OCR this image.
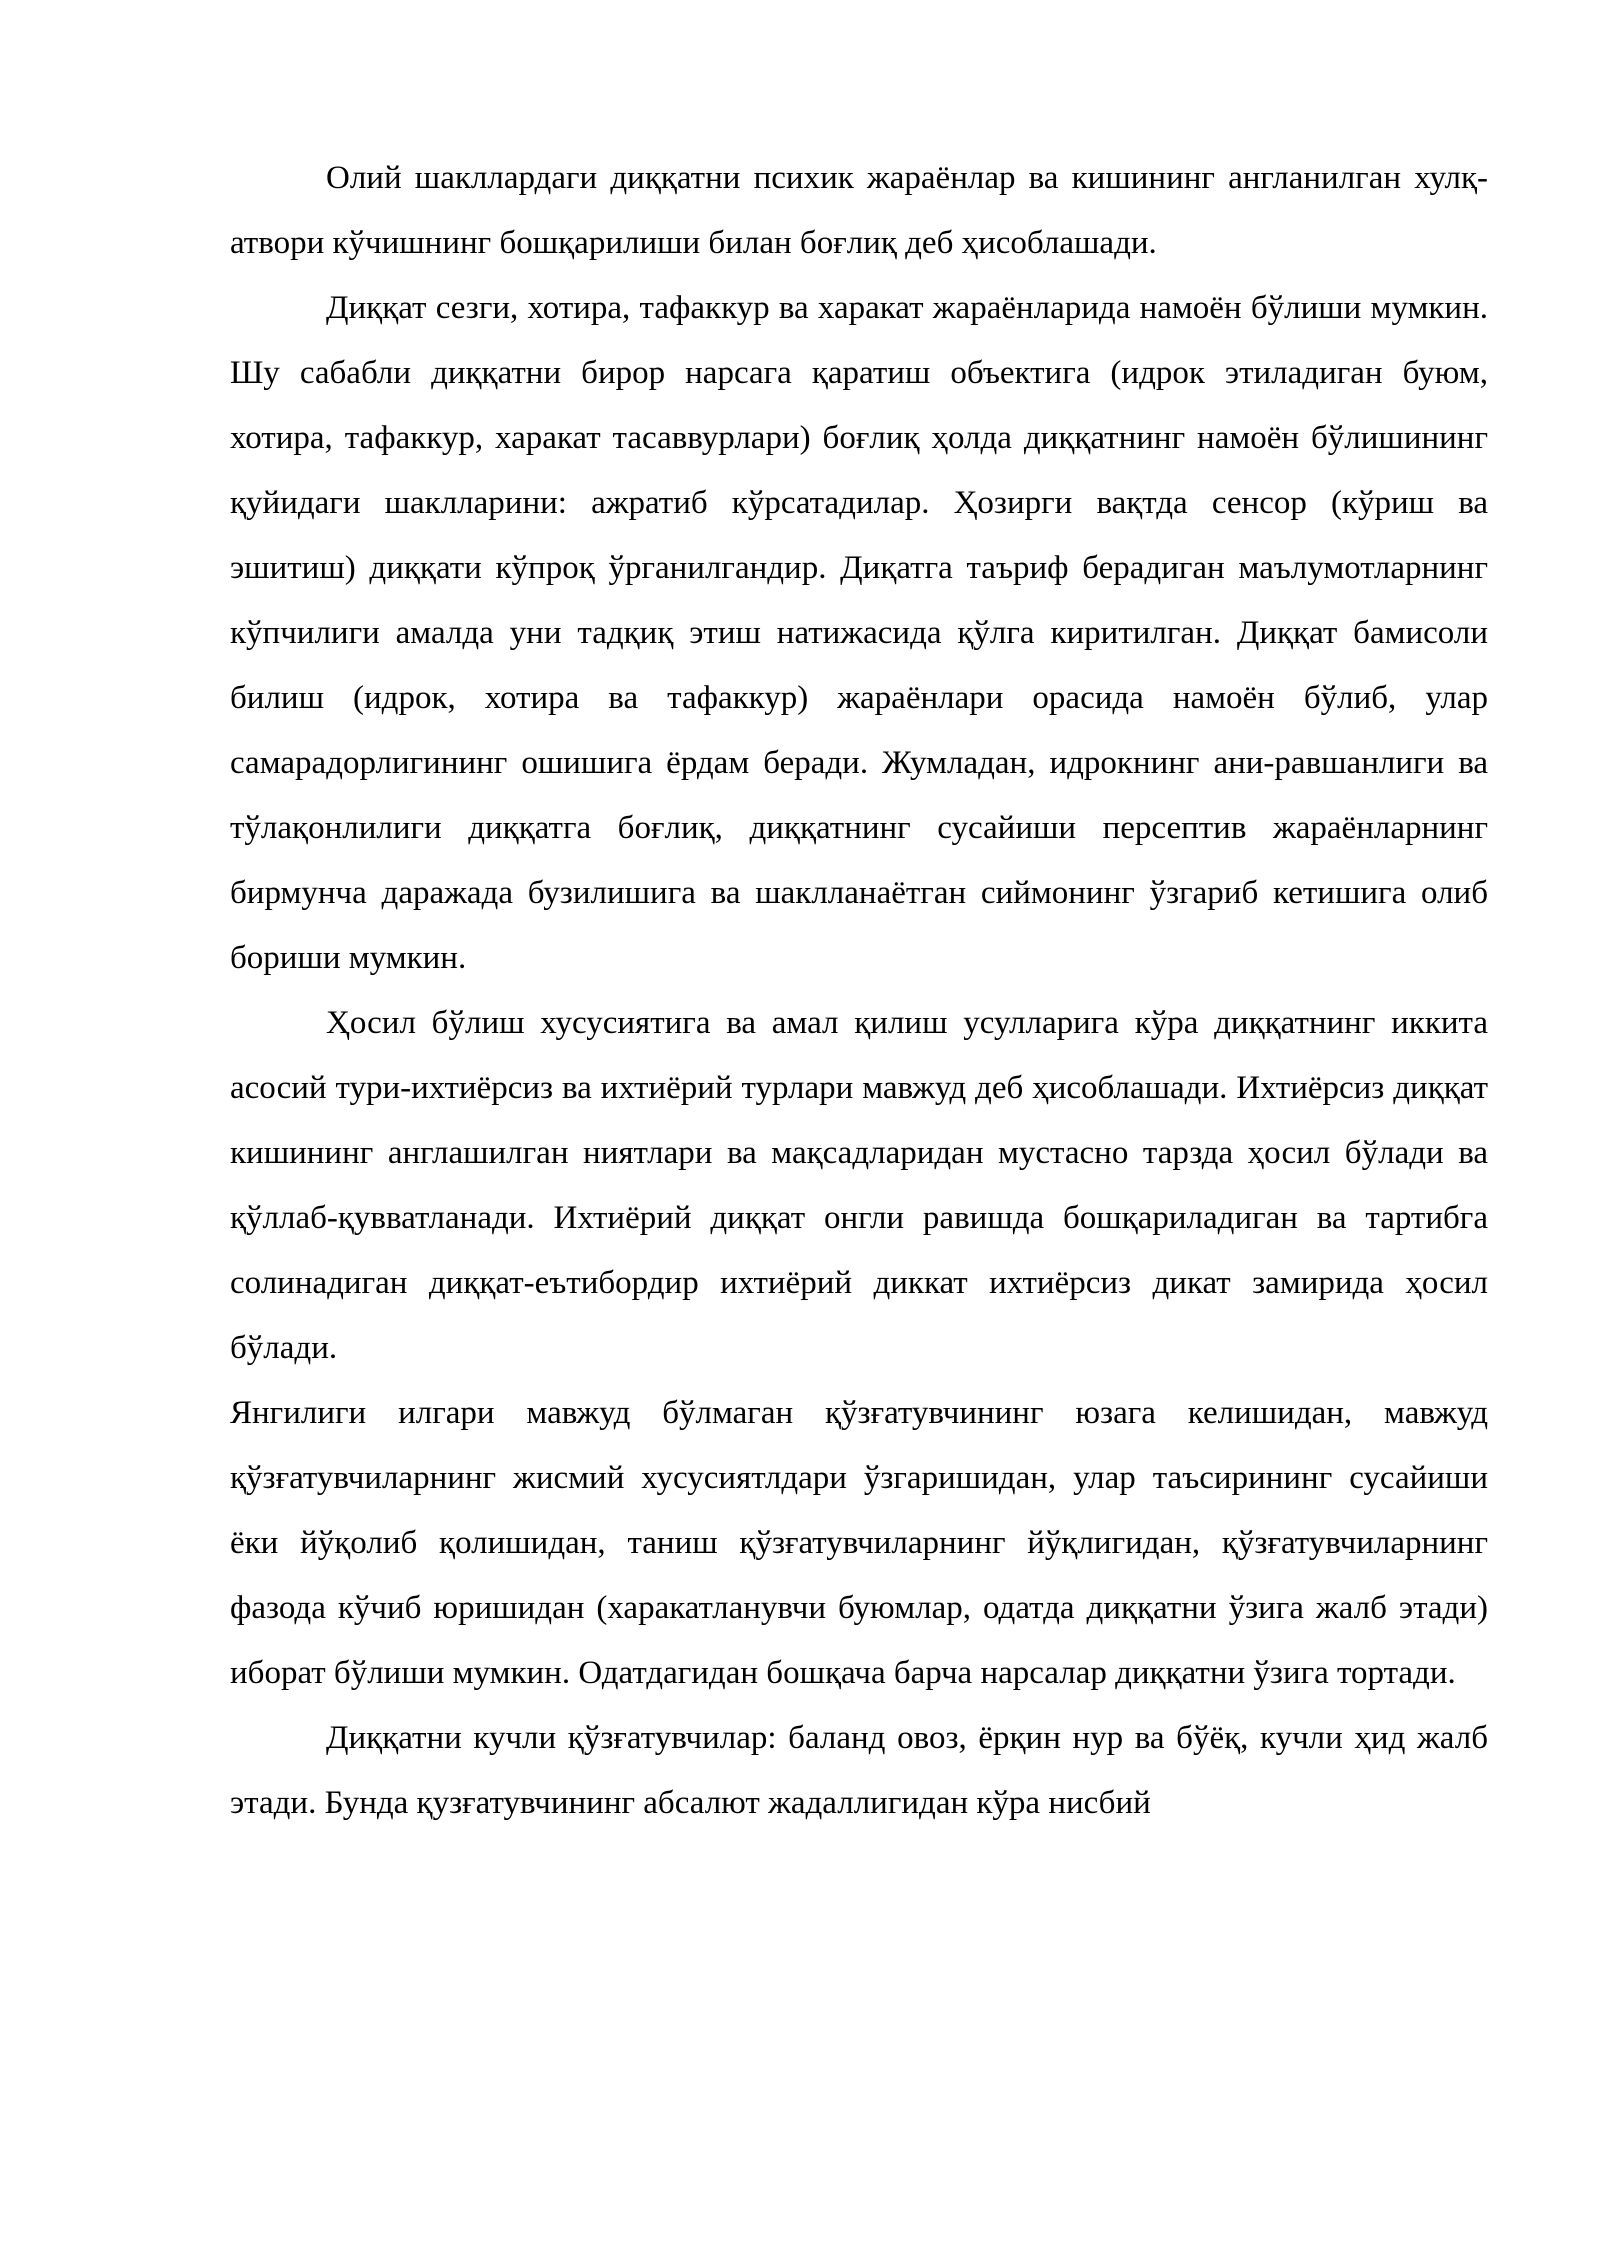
Олий шакллардаги диққатни психик жараёнлар ва кишининг англанилган хулқ-атвори кўчишнинг бошқарилиши билан боғлиқ деб ҳисоблашади.

Диққат сезги, хотира, тафаккур ва харакат жараёнларида намоён бўлиши мумкин. Шу сабабли диққатни бирор нарсага қаратиш объектига (идрок этиладиган буюм, хотира, тафаккур, харакат тасаввурлари) боғлиқ ҳолда диққатнинг намоён бўлишининг қуйидаги шаклларини: ажратиб кўрсатадилар. Ҳозирги вақтда сенсор (кўриш ва эшитиш) диққати кўпроқ ўрганилгандир. Диқатга таъриф берадиган маълумотларнинг кўпчилиги амалда уни тадқиқ этиш натижасида қўлга киритилган. Диққат бамисоли билиш (идрок, хотира ва тафаккур) жараёнлари орасида намоён бўлиб, улар самарадорлигининг ошишига ёрдам беради. Жумладан, идрокнинг ани-равшанлиги ва тўлақонлилиги диққатга боғлиқ, диққатнинг сусайиши персептив жараёнларнинг бирмунча даражада бузилишига ва шаклланаётган сиймонинг ўзгариб кетишига олиб бориши мумкин.

Ҳосил бўлиш хусусиятига ва амал қилиш усулларига кўра диққатнинг иккита асосий тури-ихтиёрсиз ва ихтиёрий турлари мавжуд деб ҳисоблашади. Ихтиёрсиз диққат кишининг англашилган ниятлари ва мақсадларидан мустасно тарзда ҳосил бўлади ва қўллаб-қувватланади. Ихтиёрий диққат онгли равишда бошқариладиган ва тартибга солинадиган диққат-еътибордир ихтиёрий диккат ихтиёрсиз дикат замирида ҳосил бўлади.

Янгилиги илгари мавжуд бўлмаган қўзғатувчининг юзага келишидан, мавжуд қўзғатувчиларнинг жисмий хусусиятлдари ўзгаришидан, улар таъсирининг сусайиши ёки йўқолиб қолишидан, таниш қўзғатувчиларнинг йўқлигидан, қўзғатувчиларнинг фазода кўчиб юришидан (харакатланувчи буюмлар, одатда диққатни ўзига жалб этади) иборат бўлиши мумкин. Одатдагидан бошқача барча нарсалар диққатни ўзига тортади.

Диққатни кучли қўзғатувчилар: баланд овоз, ёрқин нур ва бўёқ, кучли ҳид жалб этади. Бунда қузғатувчининг абсалют жадаллигидан кўра нисбий
